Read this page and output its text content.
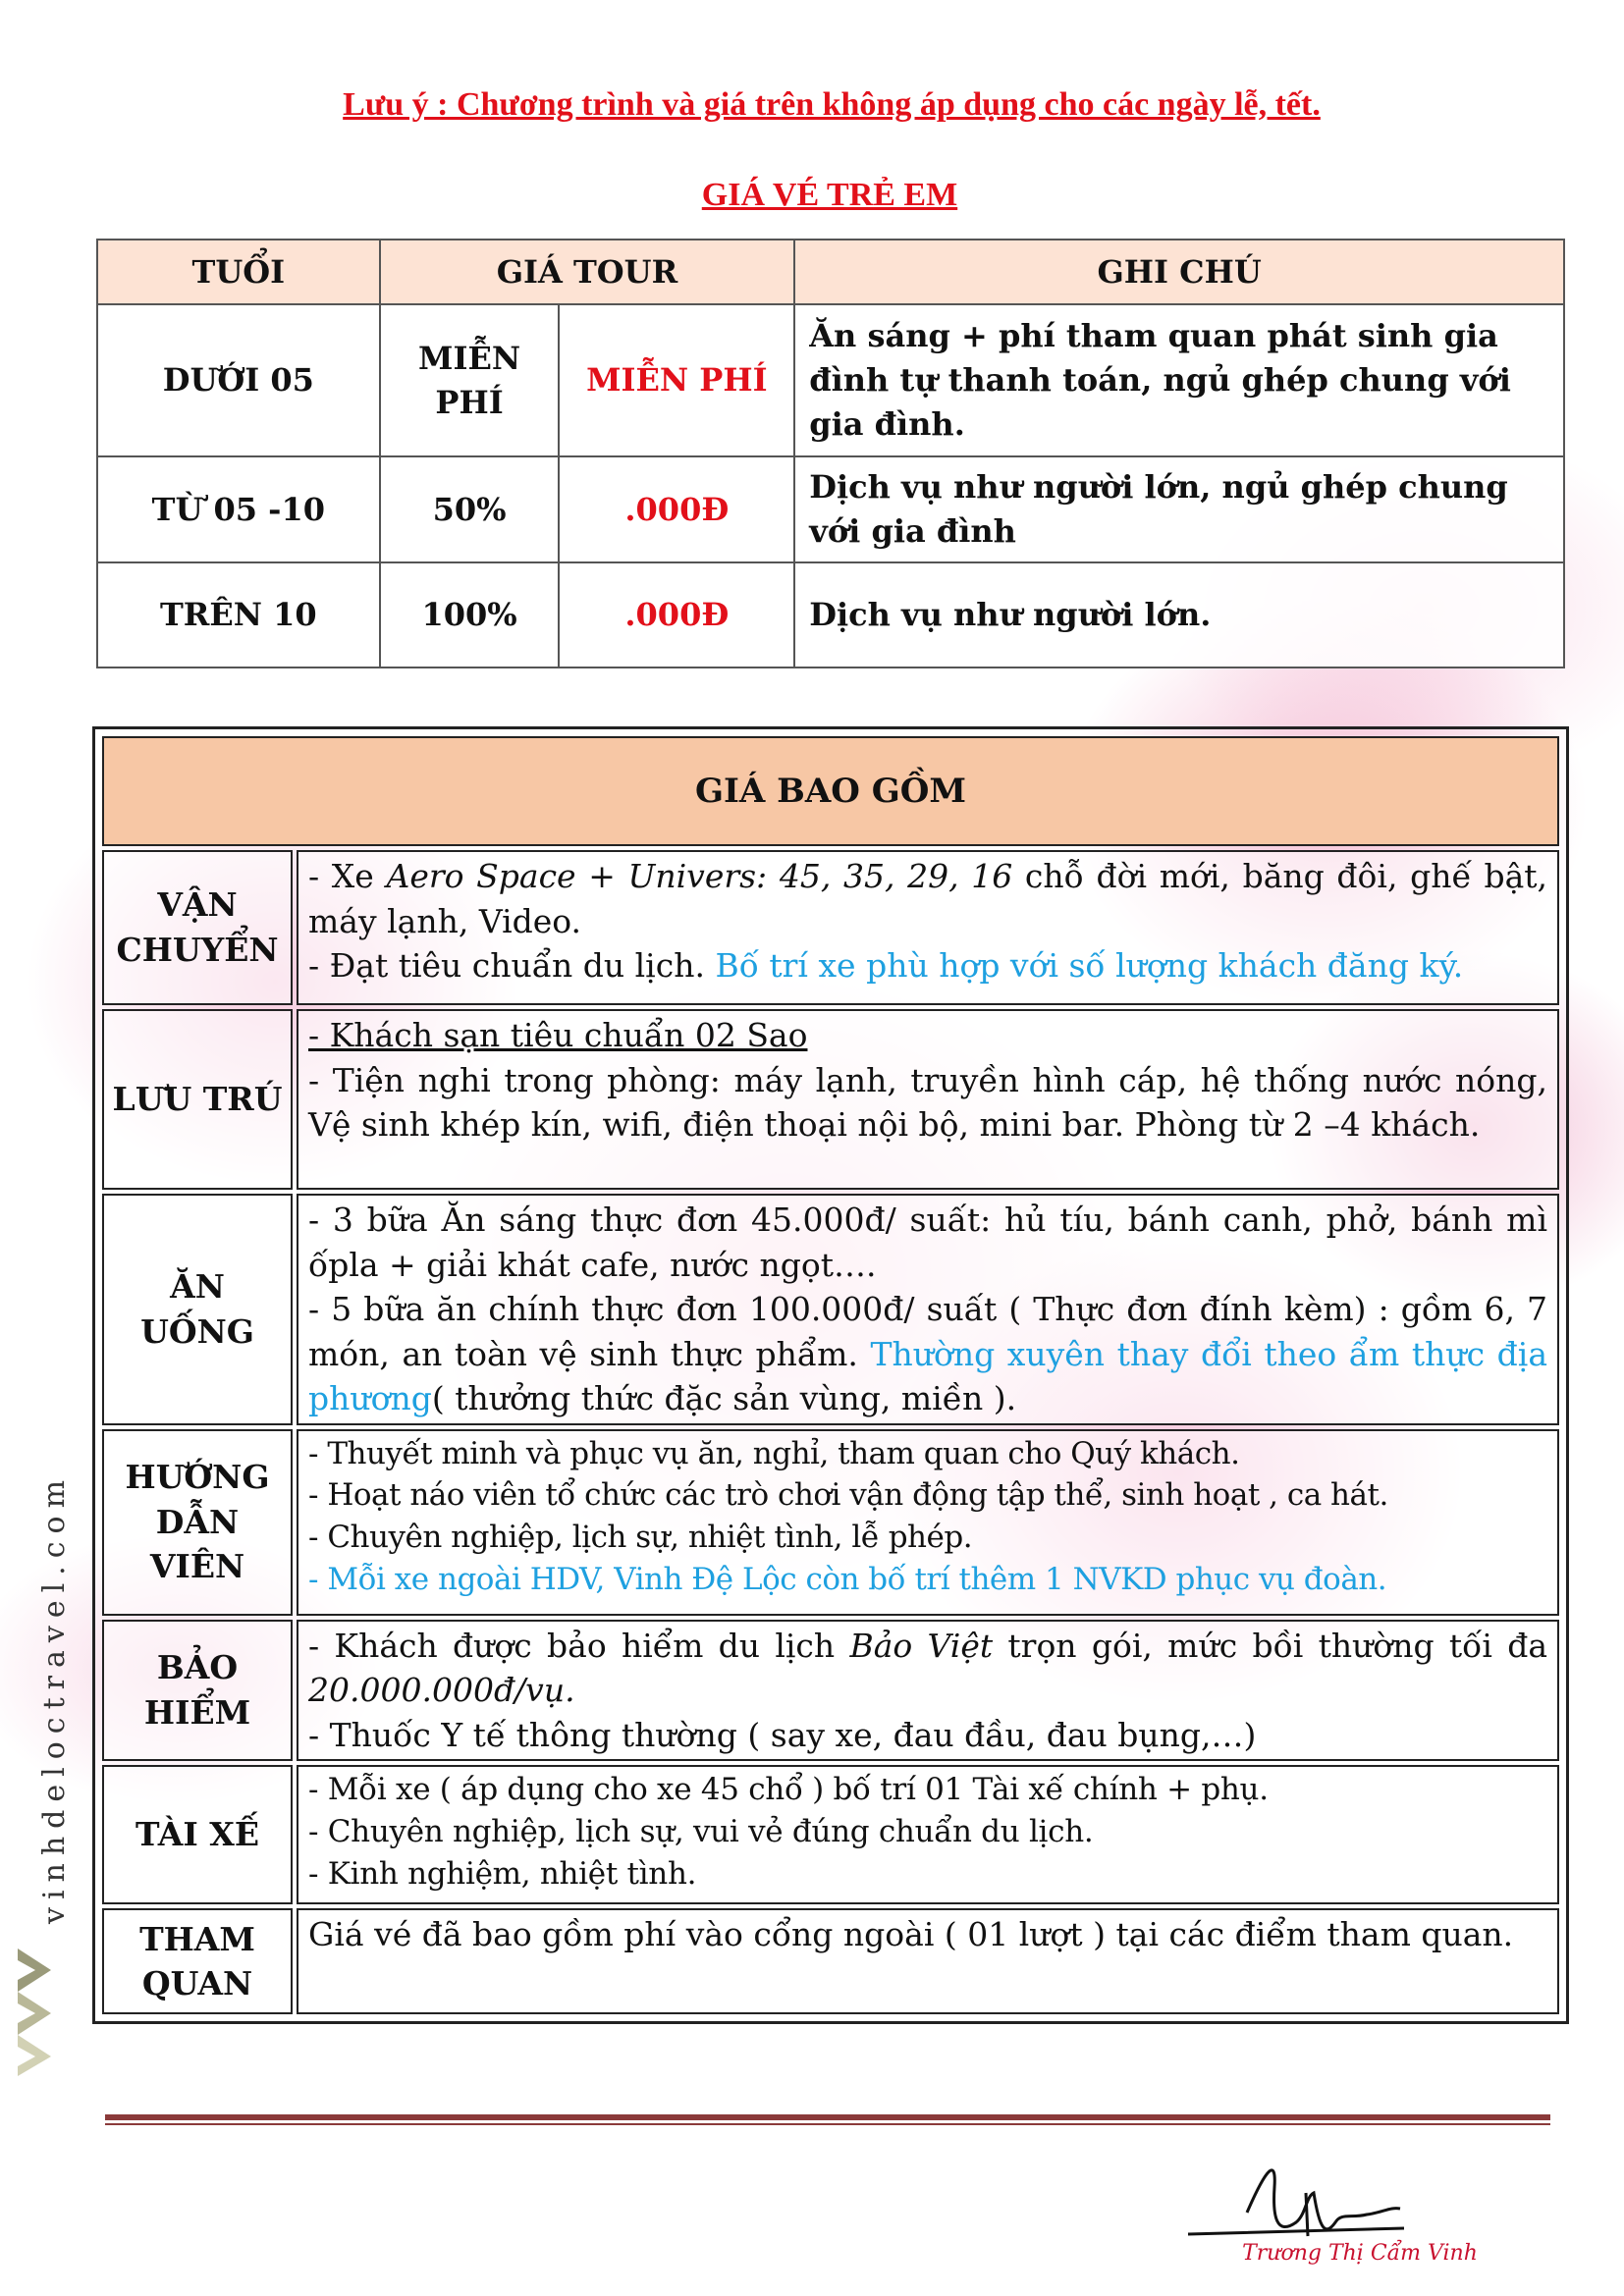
Lưu ý : Chương trình và giá trên không áp dụng cho các ngày lễ, tết.
GIÁ VÉ TRẺ EM
TUỔI	GIÁ TOUR		GHI CHÚ
DƯỚI 05	MIỄN PHÍ	MIỄN PHÍ	Ăn sáng + phí tham quan phát sinh gia đình tự thanh toán, ngủ ghép chung với gia đình.
TỪ 05 -10	50%	.000Đ	Dịch vụ như người lớn, ngủ ghép chung với gia đình
TRÊN 10	100%	.000Đ	Dịch vụ như người lớn.
GIÁ BAO GỒM	
VẬN CHUYỂN	- Xe Aero Space + Univers: 45, 35, 29, 16 chỗ đời mới, băng đôi, ghế bật, máy lạnh, Video.
- Đạt tiêu chuẩn du lịch. Bố trí xe phù hợp với số lượng khách đăng ký.

LƯU TRÚ	- Khách sạn tiêu chuẩn 02 Sao
- Tiện nghi trong phòng: máy lạnh, truyền hình cáp, hệ thống nước nóng, Vệ sinh khép kín, wifi, điện thoại nội bộ, mini bar. Phòng từ 2 –4 khách.

ĂN UỐNG	- 3 bữa Ăn sáng thực đơn 45.000đ/ suất: hủ tíu, bánh canh, phở, bánh mì ốpla + giải khát cafe, nước ngọt….
- 5 bữa ăn chính thực đơn 100.000đ/ suất ( Thực đơn đính kèm) : gồm 6, 7 món, an toàn vệ sinh thực phẩm. Thường xuyên thay đổi theo ẩm thực địa phương( thưởng thức đặc sản vùng, miền ).

HƯỚNG DẪN VIÊN	- Thuyết minh và phục vụ ăn, nghỉ, tham quan cho Quý khách.
- Hoạt náo viên tổ chức các trò chơi vận động tập thể, sinh hoạt , ca hát.
- Chuyên nghiệp, lịch sự, nhiệt tình, lễ phép.
- Mỗi xe ngoài HDV, Vinh Đệ Lộc còn bố trí thêm 1 NVKD phục vụ đoàn.

BẢO HIỂM	- Khách được bảo hiểm du lịch Bảo Việt trọn gói, mức bồi thường tối đa 20.000.000đ/vụ.
- Thuốc Y tế thông thường ( say xe, đau đầu, đau bụng,…)

TÀI XẾ	- Mỗi xe ( áp dụng cho xe 45 chổ ) bố trí 01 Tài xế chính + phụ.
- Chuyên nghiệp, lịch sự, vui vẻ đúng chuẩn du lịch.
- Kinh nghiệm, nhiệt tình.

THAM QUAN	Giá vé đã bao gồm phí vào cổng ngoài ( 01 lượt ) tại các điểm tham quan.
vinhdeloctravel.com
Trương Thị Cẩm Vinh
